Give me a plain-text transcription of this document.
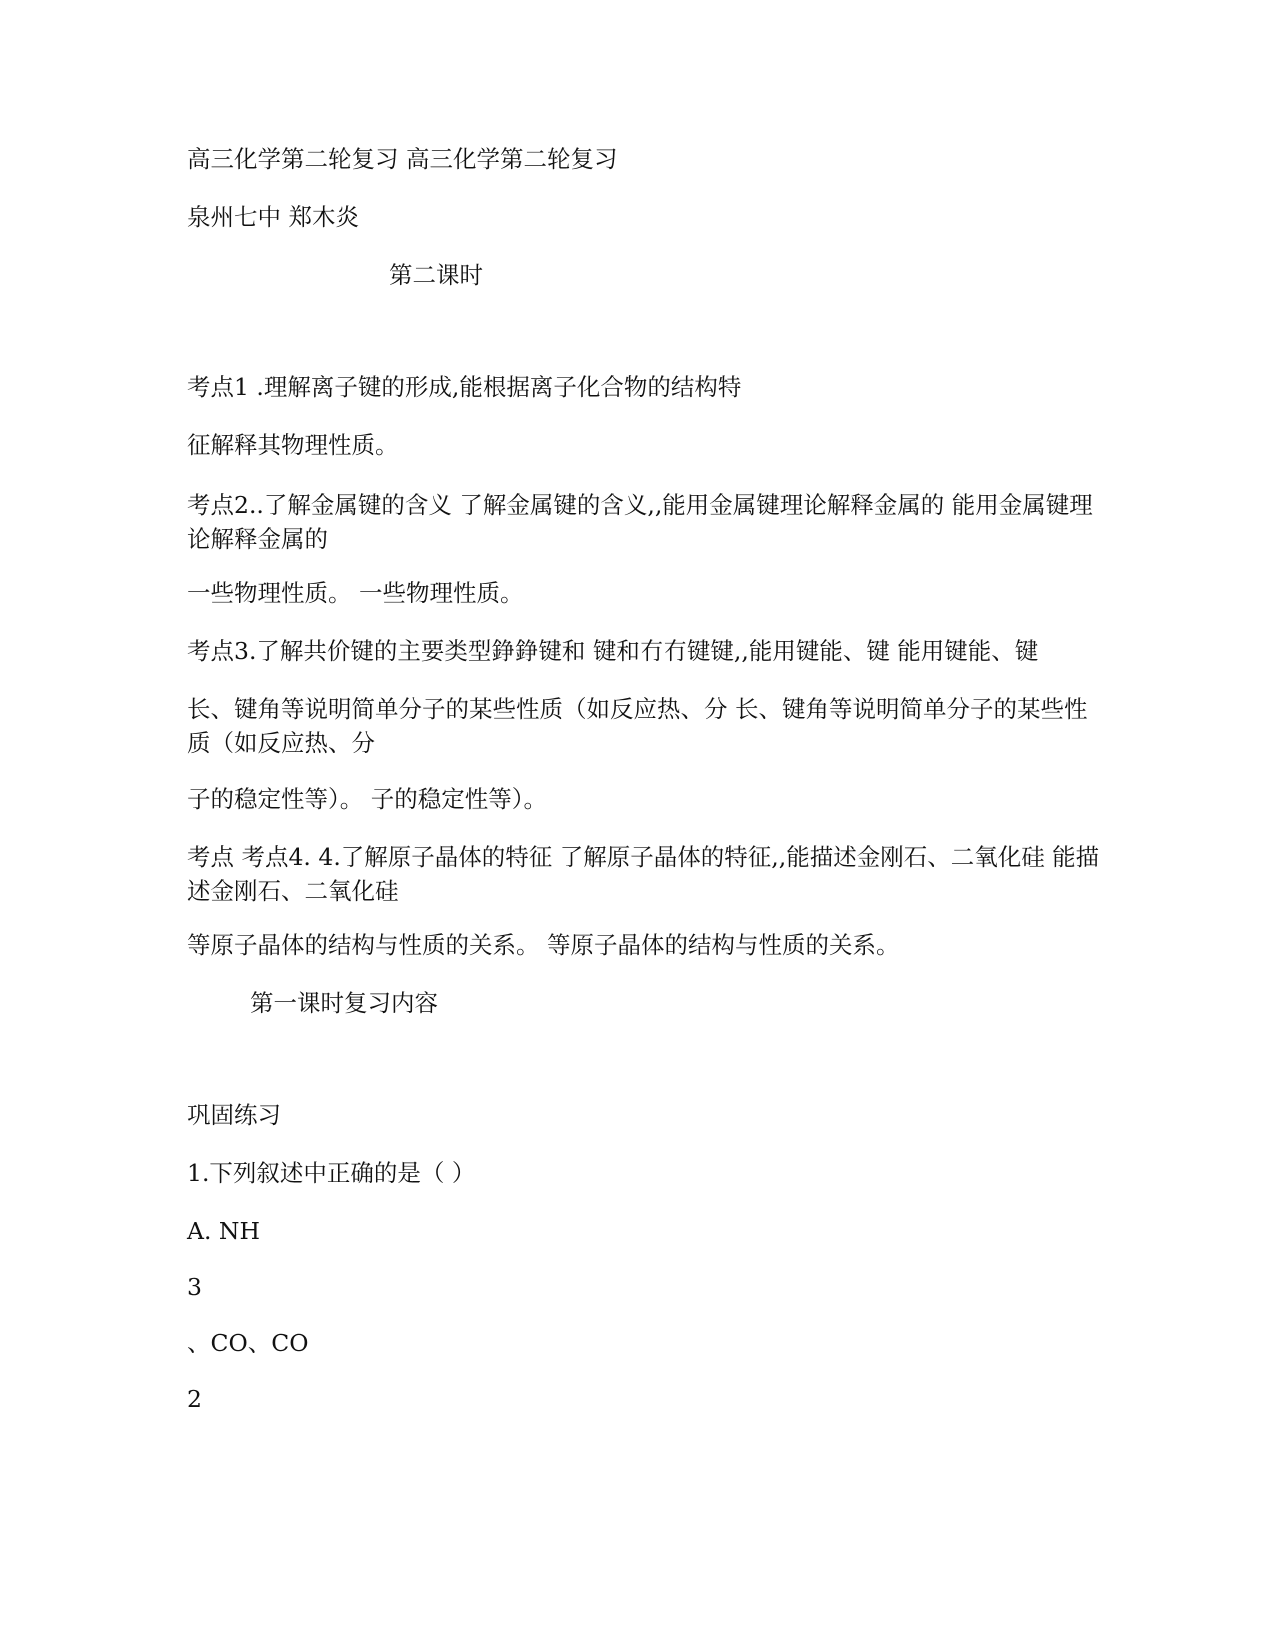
高三化学第二轮复习 高三化学第二轮复习
泉州七中 郑木炎
第二课时
考点1 .理解离子键的形成,能根据离子化合物的结构特
征解释其物理性质。
考点2..了解金属键的含义 了解金属键的含义,,能用金属键理论解释金属的 能用金属键理论解释金属的
一些物理性质。 一些物理性质。
考点3.了解共价键的主要类型錚錚键和 键和冇冇键键,,能用键能、键 能用键能、键
长、键角等说明简单分子的某些性质（如反应热、分 长、键角等说明简单分子的某些性质（如反应热、分
子的稳定性等）。 子的稳定性等）。
考点 考点4. 4.了解原子晶体的特征 了解原子晶体的特征,,能描述金刚石、二氧化硅 能描述金刚石、二氧化硅
等原子晶体的结构与性质的关系。 等原子晶体的结构与性质的关系。
第一课时复习内容
巩固练习
1.下列叙述中正确的是（ ）
A. NH
3
、CO、CO
2
